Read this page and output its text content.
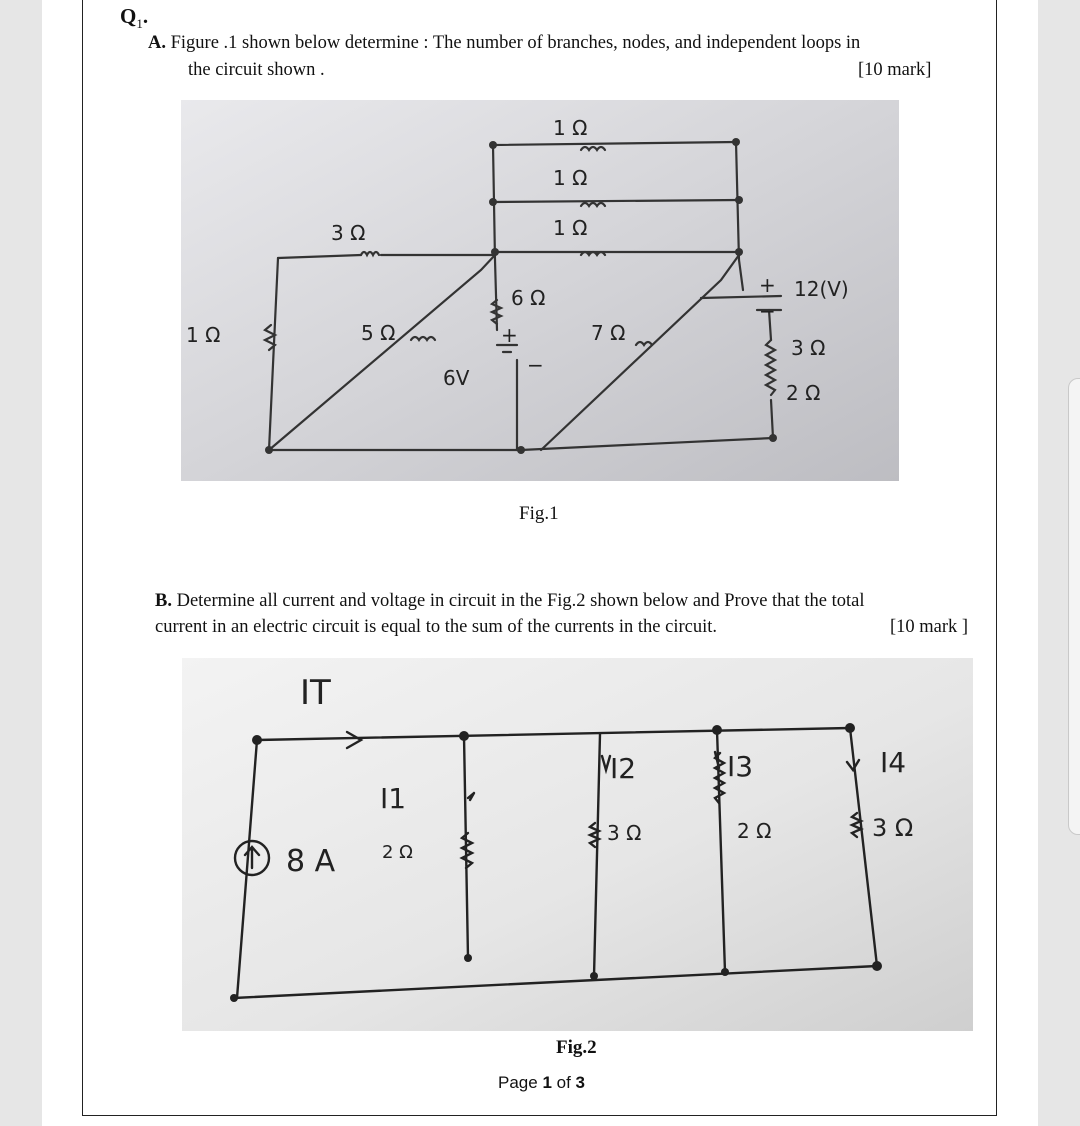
$Q_1$.
A. Figure .1 shown below determine : The number of branches, nodes, and independent loops in
the circuit shown .	[10 mark]
1 Ω
1 Ω
1 Ω
3 Ω
6 Ω
1 Ω	5 Ω	7 Ω
6V
12(V)
3 Ω
2 Ω
+
−
+
−
Fig.1
B. Determine all current and voltage in circuit in the Fig.2 shown below and Prove that the total
current in an electric circuit is equal to the sum of the currents in the circuit.	[10 mark ]
IT
I1
I2	I3	I4
8 A	2 Ω
3 Ω	2 Ω	3 Ω
Fig.2
Page 1 of 3
